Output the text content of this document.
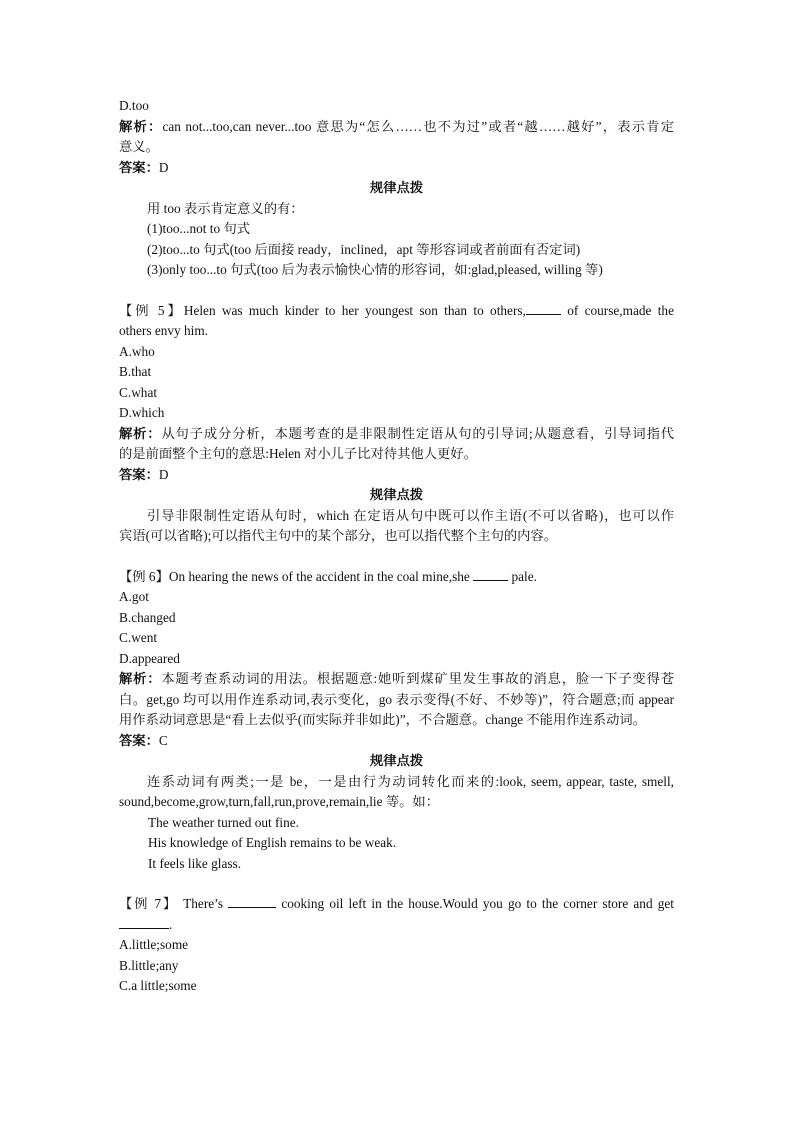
D.too
解析：can not...too,can never...too 意思为“怎么……也不为过”或者“越……越好”，表示肯定
意义。
答案：D
规律点拨
用 too 表示肯定意义的有：
(1)too...not to 句式
(2)too...to 句式(too 后面接 ready，inclined，apt 等形容词或者前面有否定词)
(3)only too...to 句式(too 后为表示愉快心情的形容词，如:glad,pleased, willing 等)
【例 5】Helen was much kinder to her youngest son than to others,	of course,made the
others envy him.
A.who
B.that
C.what
D.which
解析：从句子成分分析，本题考查的是非限制性定语从句的引导词;从题意看，引导词指代
的是前面整个主句的意思:Helen 对小儿子比对待其他人更好。
答案：D
规律点拨
引导非限制性定语从句时，which 在定语从句中既可以作主语(不可以省略)，也可以作
宾语(可以省略);可以指代主句中的某个部分，也可以指代整个主句的内容。
【例 6】On hearing the news of the accident in the coal mine,she	pale.
A.got
B.changed
C.went
D.appeared
解析：本题考查系动词的用法。根据题意:她听到煤矿里发生事故的消息，脸一下子变得苍
白。get,go 均可以用作连系动词,表示变化，go 表示变得(不好、不妙等)”，符合题意;而 appear
用作系动词意思是“看上去似乎(而实际并非如此)”，不合题意。change 不能用作连系动词。
答案：C
规律点拨
连系动词有两类;一是 be，一是由行为动词转化而来的:look, seem, appear, taste, smell,
sound,become,grow,turn,fall,run,prove,remain,lie 等。如：
The weather turned out fine.
His knowledge of English remains to be weak.
It feels like glass.
【例 7】 There’s	cooking oil left in the house.Would you go to the corner store and get
.
A.little;some
B.little;any
C.a little;some
